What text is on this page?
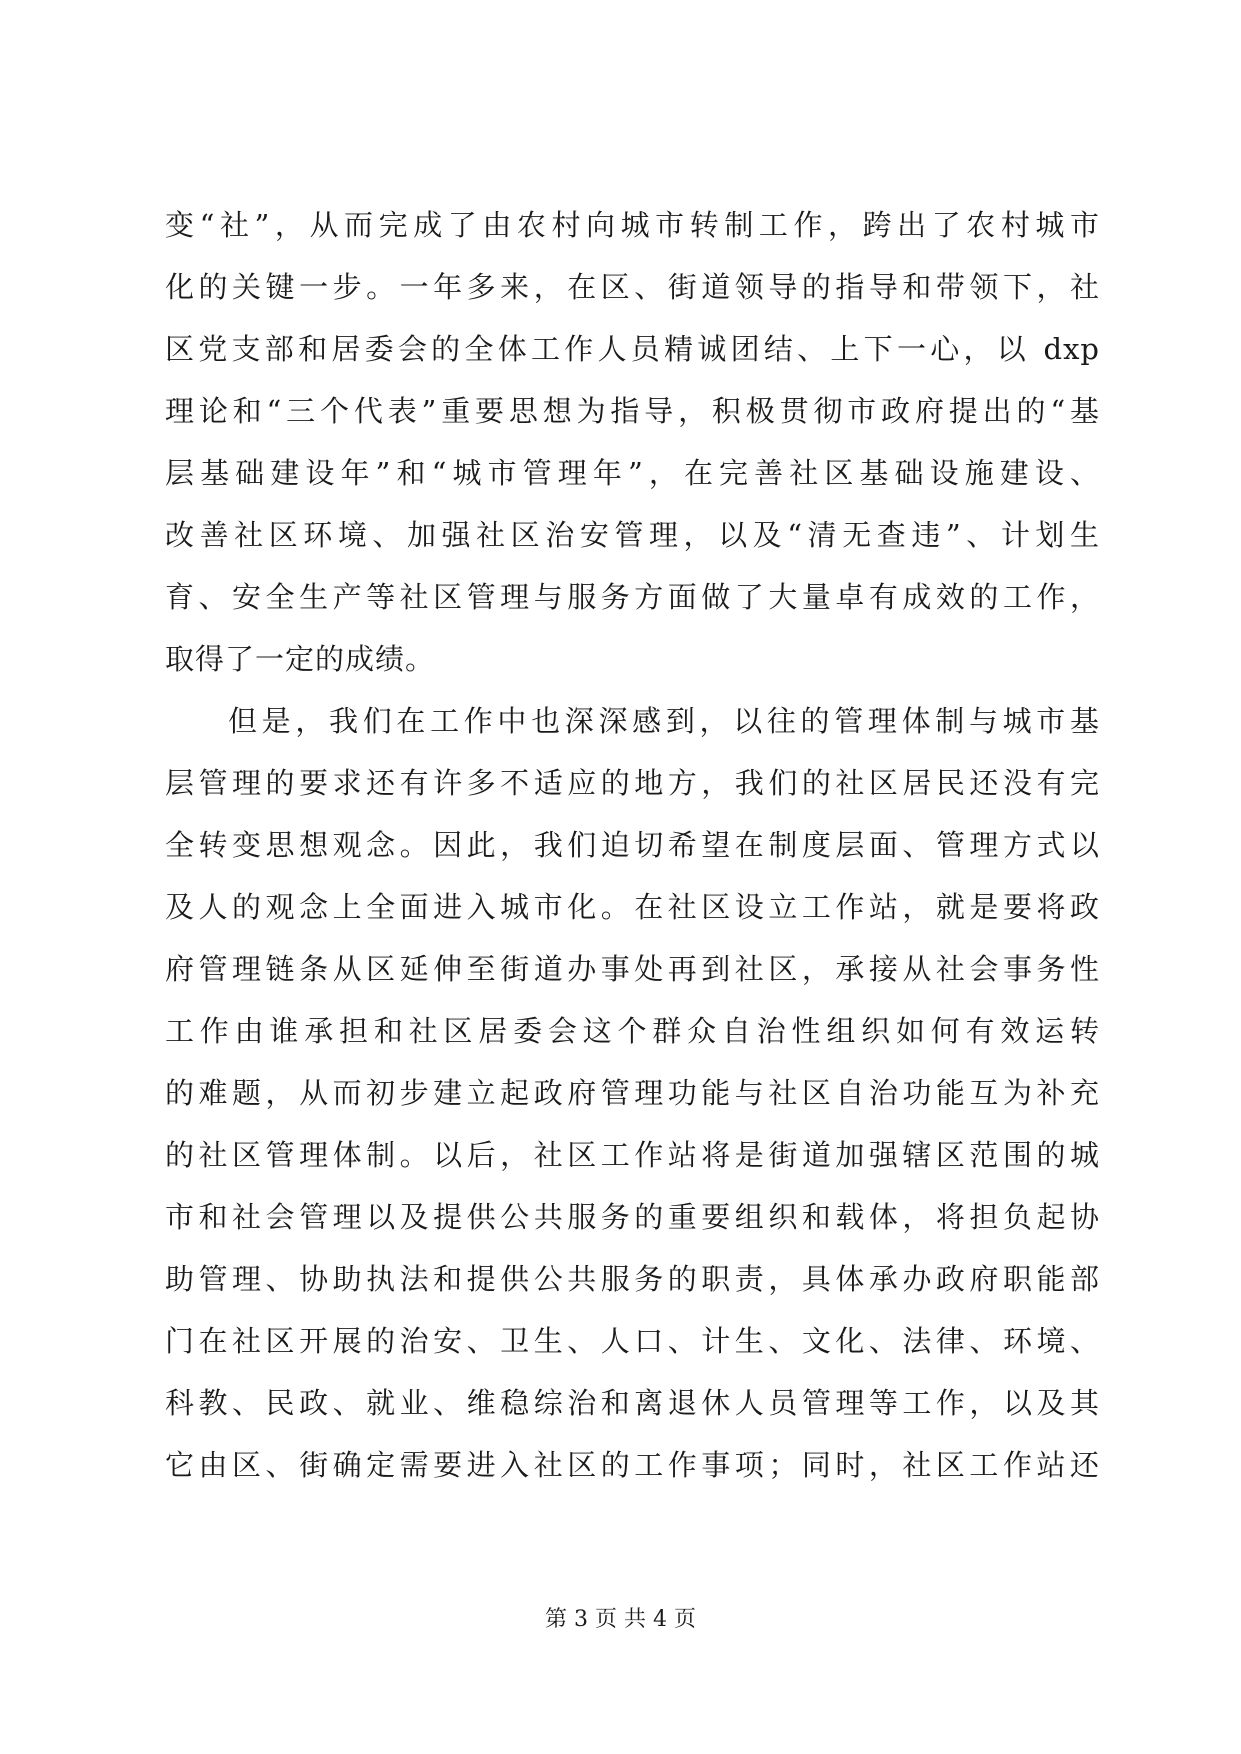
变“社”，从而完成了由农村向城市转制工作，跨出了农村城市
化的关键一步。一年多来，在区、街道领导的指导和带领下，社
区党支部和居委会的全体工作人员精诚团结、上下一心，以 dxp
理论和“三个代表”重要思想为指导，积极贯彻市政府提出的“基
层基础建设年”和“城市管理年”，在完善社区基础设施建设、
改善社区环境、加强社区治安管理，以及“清无查违”、计划生
育、安全生产等社区管理与服务方面做了大量卓有成效的工作，
取得了一定的成绩。
但是，我们在工作中也深深感到，以往的管理体制与城市基
层管理的要求还有许多不适应的地方，我们的社区居民还没有完
全转变思想观念。因此，我们迫切希望在制度层面、管理方式以
及人的观念上全面进入城市化。在社区设立工作站，就是要将政
府管理链条从区延伸至街道办事处再到社区，承接从社会事务性
工作由谁承担和社区居委会这个群众自治性组织如何有效运转
的难题，从而初步建立起政府管理功能与社区自治功能互为补充
的社区管理体制。以后，社区工作站将是街道加强辖区范围的城
市和社会管理以及提供公共服务的重要组织和载体，将担负起协
助管理、协助执法和提供公共服务的职责，具体承办政府职能部
门在社区开展的治安、卫生、人口、计生、文化、法律、环境、
科教、民政、就业、维稳综治和离退休人员管理等工作，以及其
它由区、街确定需要进入社区的工作事项；同时，社区工作站还
第 3 页 共 4 页
